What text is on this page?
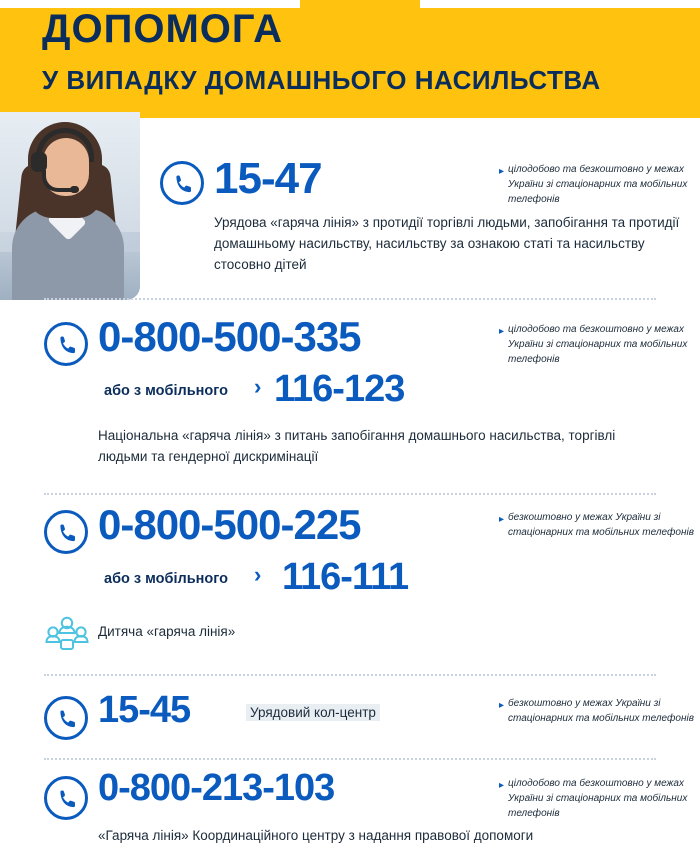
ДОПОМОГА
У ВИПАДКУ ДОМАШНЬОГО НАСИЛЬСТВА
15-47	▸ цілодобово та безкоштовно у межах України зі стаціонарних та мобільних телефонів
Урядова «гаряча лінія» з протидії торгівлі людьми, запобігання та протидії домашньому насильству, насильству за ознакою статі та насильству стосовно дітей
0-800-500-335	▸ цілодобово та безкоштовно у межах України зі стаціонарних та мобільних телефонів
або з мобільного › 116-123
Національна «гаряча лінія» з питань запобігання домашнього насильства, торгівлі людьми та гендерної дискримінації
0-800-500-225	▸ безкоштовно у межах України зі стаціонарних та мобільних телефонів
або з мобільного › 116-111
Дитяча «гаряча лінія»
15-45	Урядовий кол-центр	▸ безкоштовно у межах України зі стаціонарних та мобільних телефонів
0-800-213-103	▸ цілодобово та безкоштовно у межах України зі стаціонарних та мобільних телефонів
«Гаряча лінія» Координаційного центру з надання правової допомоги
